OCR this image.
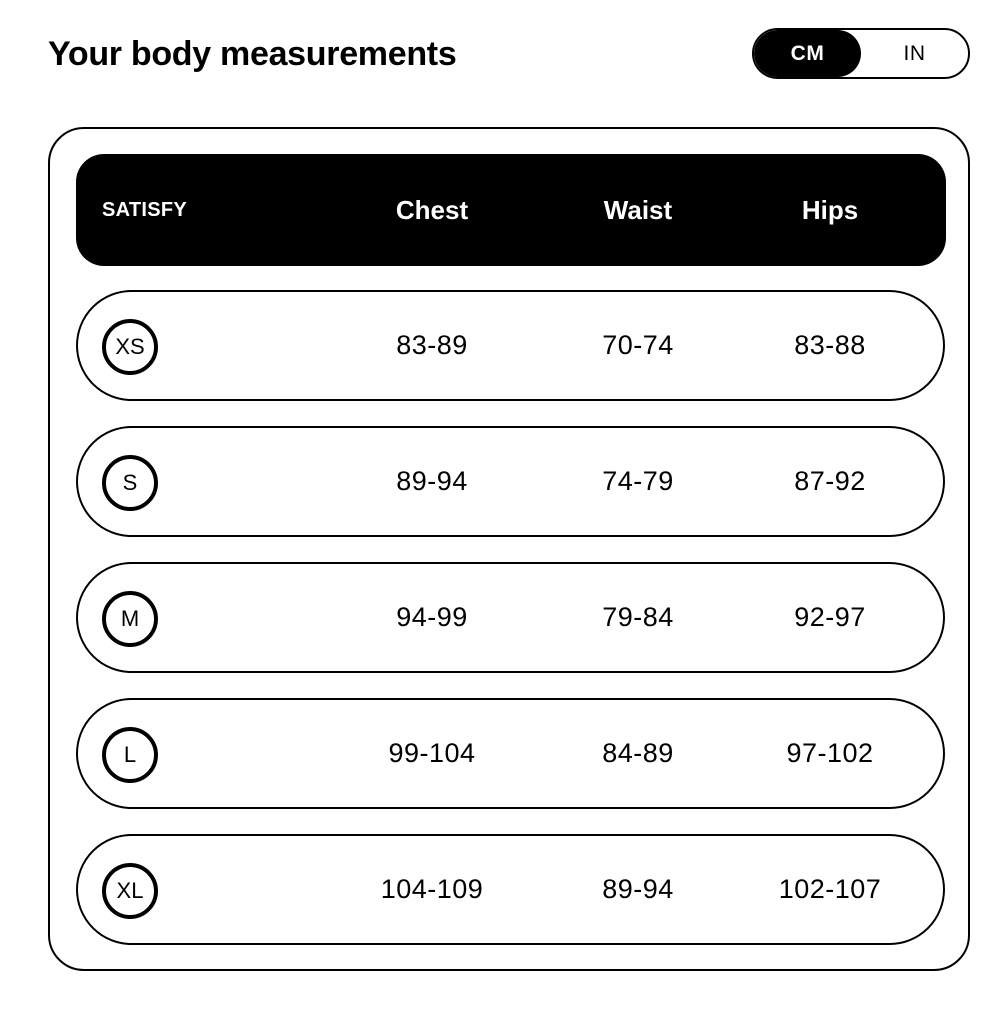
Your body measurements	CM	IN
SATISFY	Chest	Waist	Hips
XS	83-89	70-74	83-88
S	89-94	74-79	87-92
M	94-99	79-84	92-97
L	99-104	84-89	97-102
XL	104-109	89-94	102-107
